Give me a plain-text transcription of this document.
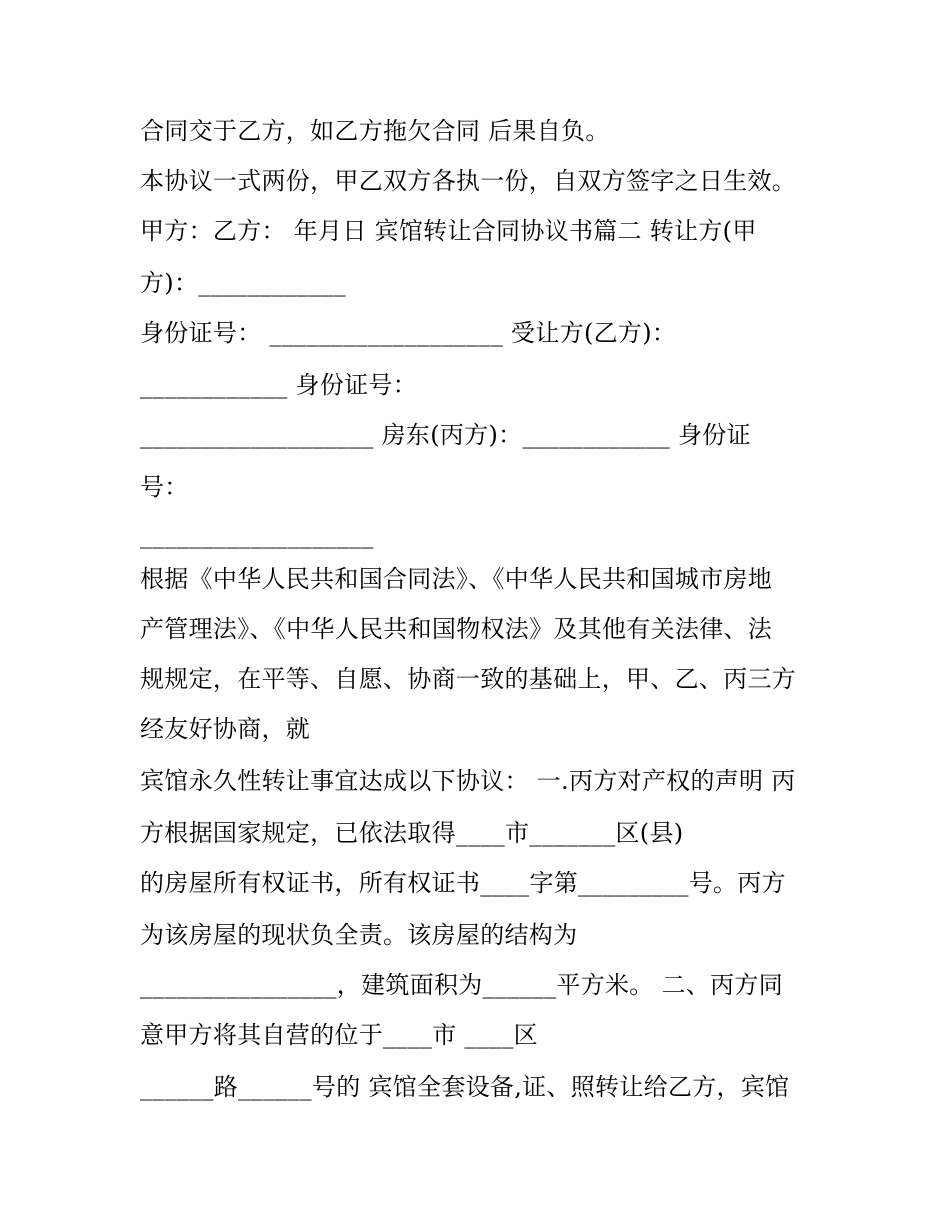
合同交于乙方，如乙方拖欠合同 后果自负。
本协议一式两份，甲乙双方各执一份，自双方签字之日生效。
甲方：乙方： 年月日 宾馆转让合同协议书篇二 转让方(甲
方)：____________
身份证号： ___________________ 受让方(乙方)：
____________ 身份证号：
___________________ 房东(丙方)：____________ 身份证
号：
___________________
根据《中华人民共和国合同法》、《中华人民共和国城市房地
产管理法》、《中华人民共和国物权法》及其他有关法律、法
规规定，在平等、自愿、协商一致的基础上，甲、乙、丙三方
经友好协商，就
宾馆永久性转让事宜达成以下协议： 一.丙方对产权的声明 丙
方根据国家规定，已依法取得____市_______区(县)
的房屋所有权证书，所有权证书____字第_________号。丙方
为该房屋的现状负全责。该房屋的结构为
________________，建筑面积为______平方米。 二、丙方同
意甲方将其自营的位于____市 ____区
______路______号的 宾馆全套设备,证、照转让给乙方，宾馆
